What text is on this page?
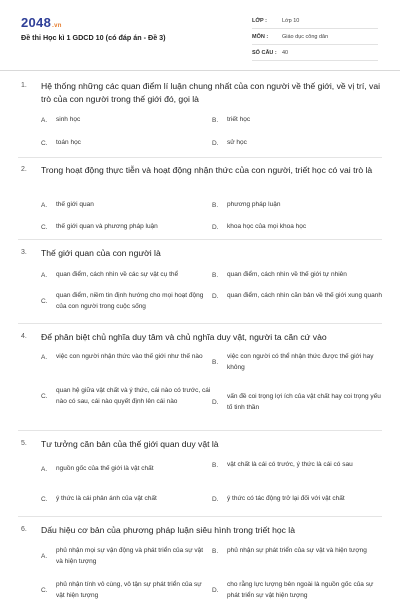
2048.vn
Đề thi Học kì 1 GDCD 10 (có đáp án - Đề 3)
LỚP :	Lớp 10
MÔN :	Giáo dục công dân
SỐ CÂU : 40
1. Hệ thống những các quan điểm lí luận chung nhất của con người về thế giới, về vị trí, vai trò của con người trong thế giới đó, gọi là
A.	sinh học	B.	triết học
C.	toán học	D.	sử học
2. Trong hoạt động thực tiễn và hoạt động nhận thức của con người, triết học có vai trò là
A.	thế giới quan	B.	phương pháp luận
C.	thế giới quan và phương pháp luận	D.	khoa học của mọi khoa học
3. Thế giới quan của con người là
A.	quan điểm, cách nhìn về các sự vật cụ thể	B.	quan điểm, cách nhìn về thế giới tự nhiên
C.
quan điểm, niềm tin định hướng cho mọi hoạt động của con người trong cuộc sống
D.	quan điểm, cách nhìn căn bản về thế giới xung quanh
4. Để phân biệt chủ nghĩa duy tâm và chủ nghĩa duy vật, người ta căn cứ vào
A.	việc con người nhận thức vào thế giới như thế nào
B.
việc con người có thể nhận thức được thế giới hay không
C.
quan hệ giữa vật chất và ý thức, cái nào có trước, cái nào có sau, cái nào quyết định lên cái nào	D.
vấn đề coi trọng lợi ích của vật chất hay coi trọng yếu tố tinh thần
5. Tư tưởng căn bản của thế giới quan duy vật là
A.	nguồn gốc của thế giới là vật chất	B.	vật chất là cái có trước, ý thức là cái có sau
C.	ý thức là cái phản ánh của vật chất	D.	ý thức có tác động trở lại đối với vật chất
6. Dấu hiệu cơ bản của phương pháp luận siêu hình trong triết học là
A.
phủ nhận mọi sự vận động và phát triển của sự vật và hiện tượng
B.	phủ nhận sự phát triển của sự vật và hiện tượng
C.
phủ nhận tính vô cùng, vô tận sự phát triển của sự vật hiện tượng
D.
cho rằng lực lượng bên ngoài là nguồn gốc của sự phát triển sự vật hiện tượng
